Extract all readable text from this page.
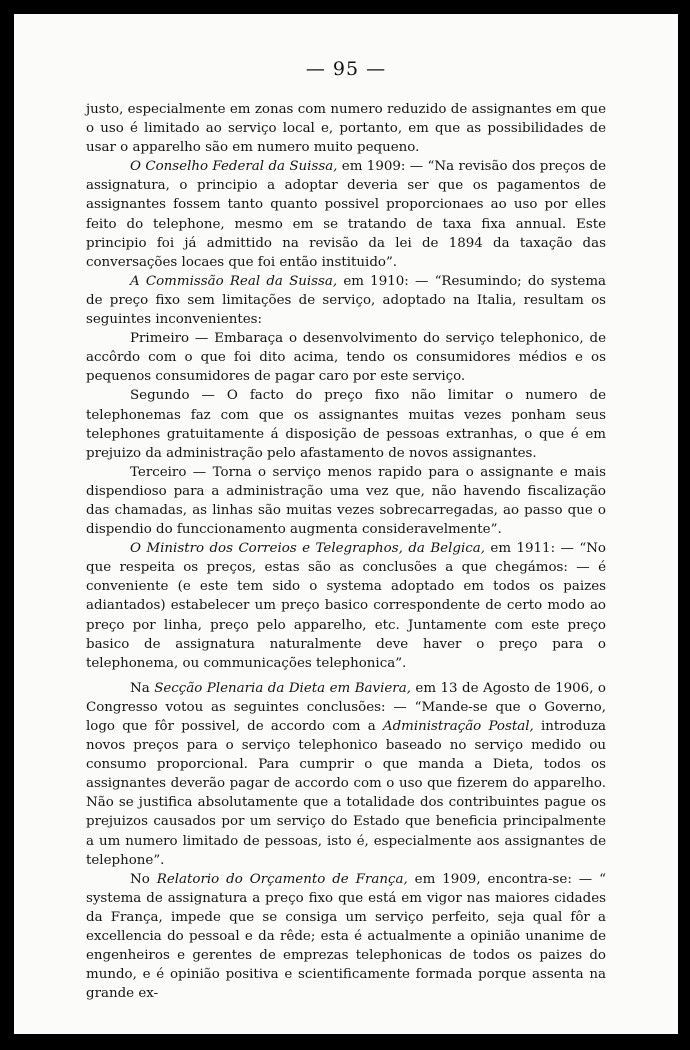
— 95 —

justo, especialmente em zonas com numero reduzido de assignantes em que o uso é limitado ao serviço local e, portanto, em que as possibilidades de usar o apparelho são em numero muito pequeno.

O Conselho Federal da Suissa, em 1909: — “Na revisão dos preços de assignatura, o principio a adoptar deveria ser que os pagamentos de assignantes fossem tanto quanto possivel proporcionaes ao uso por elles feito do telephone, mesmo em se tratando de taxa fixa annual. Este principio foi já admittido na revisão da lei de 1894 da taxação das conversações locaes que foi então instituido”.

A Commissão Real da Suissa, em 1910: — “Resumindo; do systema de preço fixo sem limitações de serviço, adoptado na Italia, resultam os seguintes inconvenientes:

Primeiro — Embaraça o desenvolvimento do serviço telephonico, de accôrdo com o que foi dito acima, tendo os consumidores médios e os pequenos consumidores de pagar caro por este serviço.

Segundo — O facto do preço fixo não limitar o numero de telephonemas faz com que os assignantes muitas vezes ponham seus telephones gratuitamente á disposição de pessoas extranhas, o que é em prejuizo da administração pelo afastamento de novos assignantes.

Terceiro — Torna o serviço menos rapido para o assignante e mais dispendioso para a administração uma vez que, não havendo fiscalização das chamadas, as linhas são muitas vezes sobrecarregadas, ao passo que o dispendio do funccionamento augmenta consideravelmente”.

O Ministro dos Correios e Telegraphos, da Belgica, em 1911: — “No que respeita os preços, estas são as conclusões a que chegámos: — é conveniente (e este tem sido o systema adoptado em todos os paizes adiantados) estabelecer um preço basico correspondente de certo modo ao preço por linha, preço pelo apparelho, etc. Juntamente com este preço basico de assignatura naturalmente deve haver o preço para o telephonema, ou communicações telephonica”.

Na Secção Plenaria da Dieta em Baviera, em 13 de Agosto de 1906, o Congresso votou as seguintes conclusões: — “Mande-se que o Governo, logo que fôr possivel, de accordo com a Administração Postal, introduza novos preços para o serviço telephonico baseado no serviço medido ou consumo proporcional. Para cumprir o que manda a Dieta, todos os assignantes deverão pagar de accordo com o uso que fizerem do apparelho. Não se justifica absolutamente que a totalidade dos contribuintes pague os prejuizos causados por um serviço do Estado que beneficia principalmente a um numero limitado de pessoas, isto é, especialmente aos assignantes de telephone”.

No Relatorio do Orçamento de França, em 1909, encontra-se: — “ systema de assignatura a preço fixo que está em vigor nas maiores cidades da França, impede que se consiga um serviço perfeito, seja qual fôr a excellencia do pessoal e da rêde; esta é actualmente a opinião unanime de engenheiros e gerentes de emprezas telephonicas de todos os paizes do mundo, e é opinião positiva e scientificamente formada porque assenta na grande ex-
